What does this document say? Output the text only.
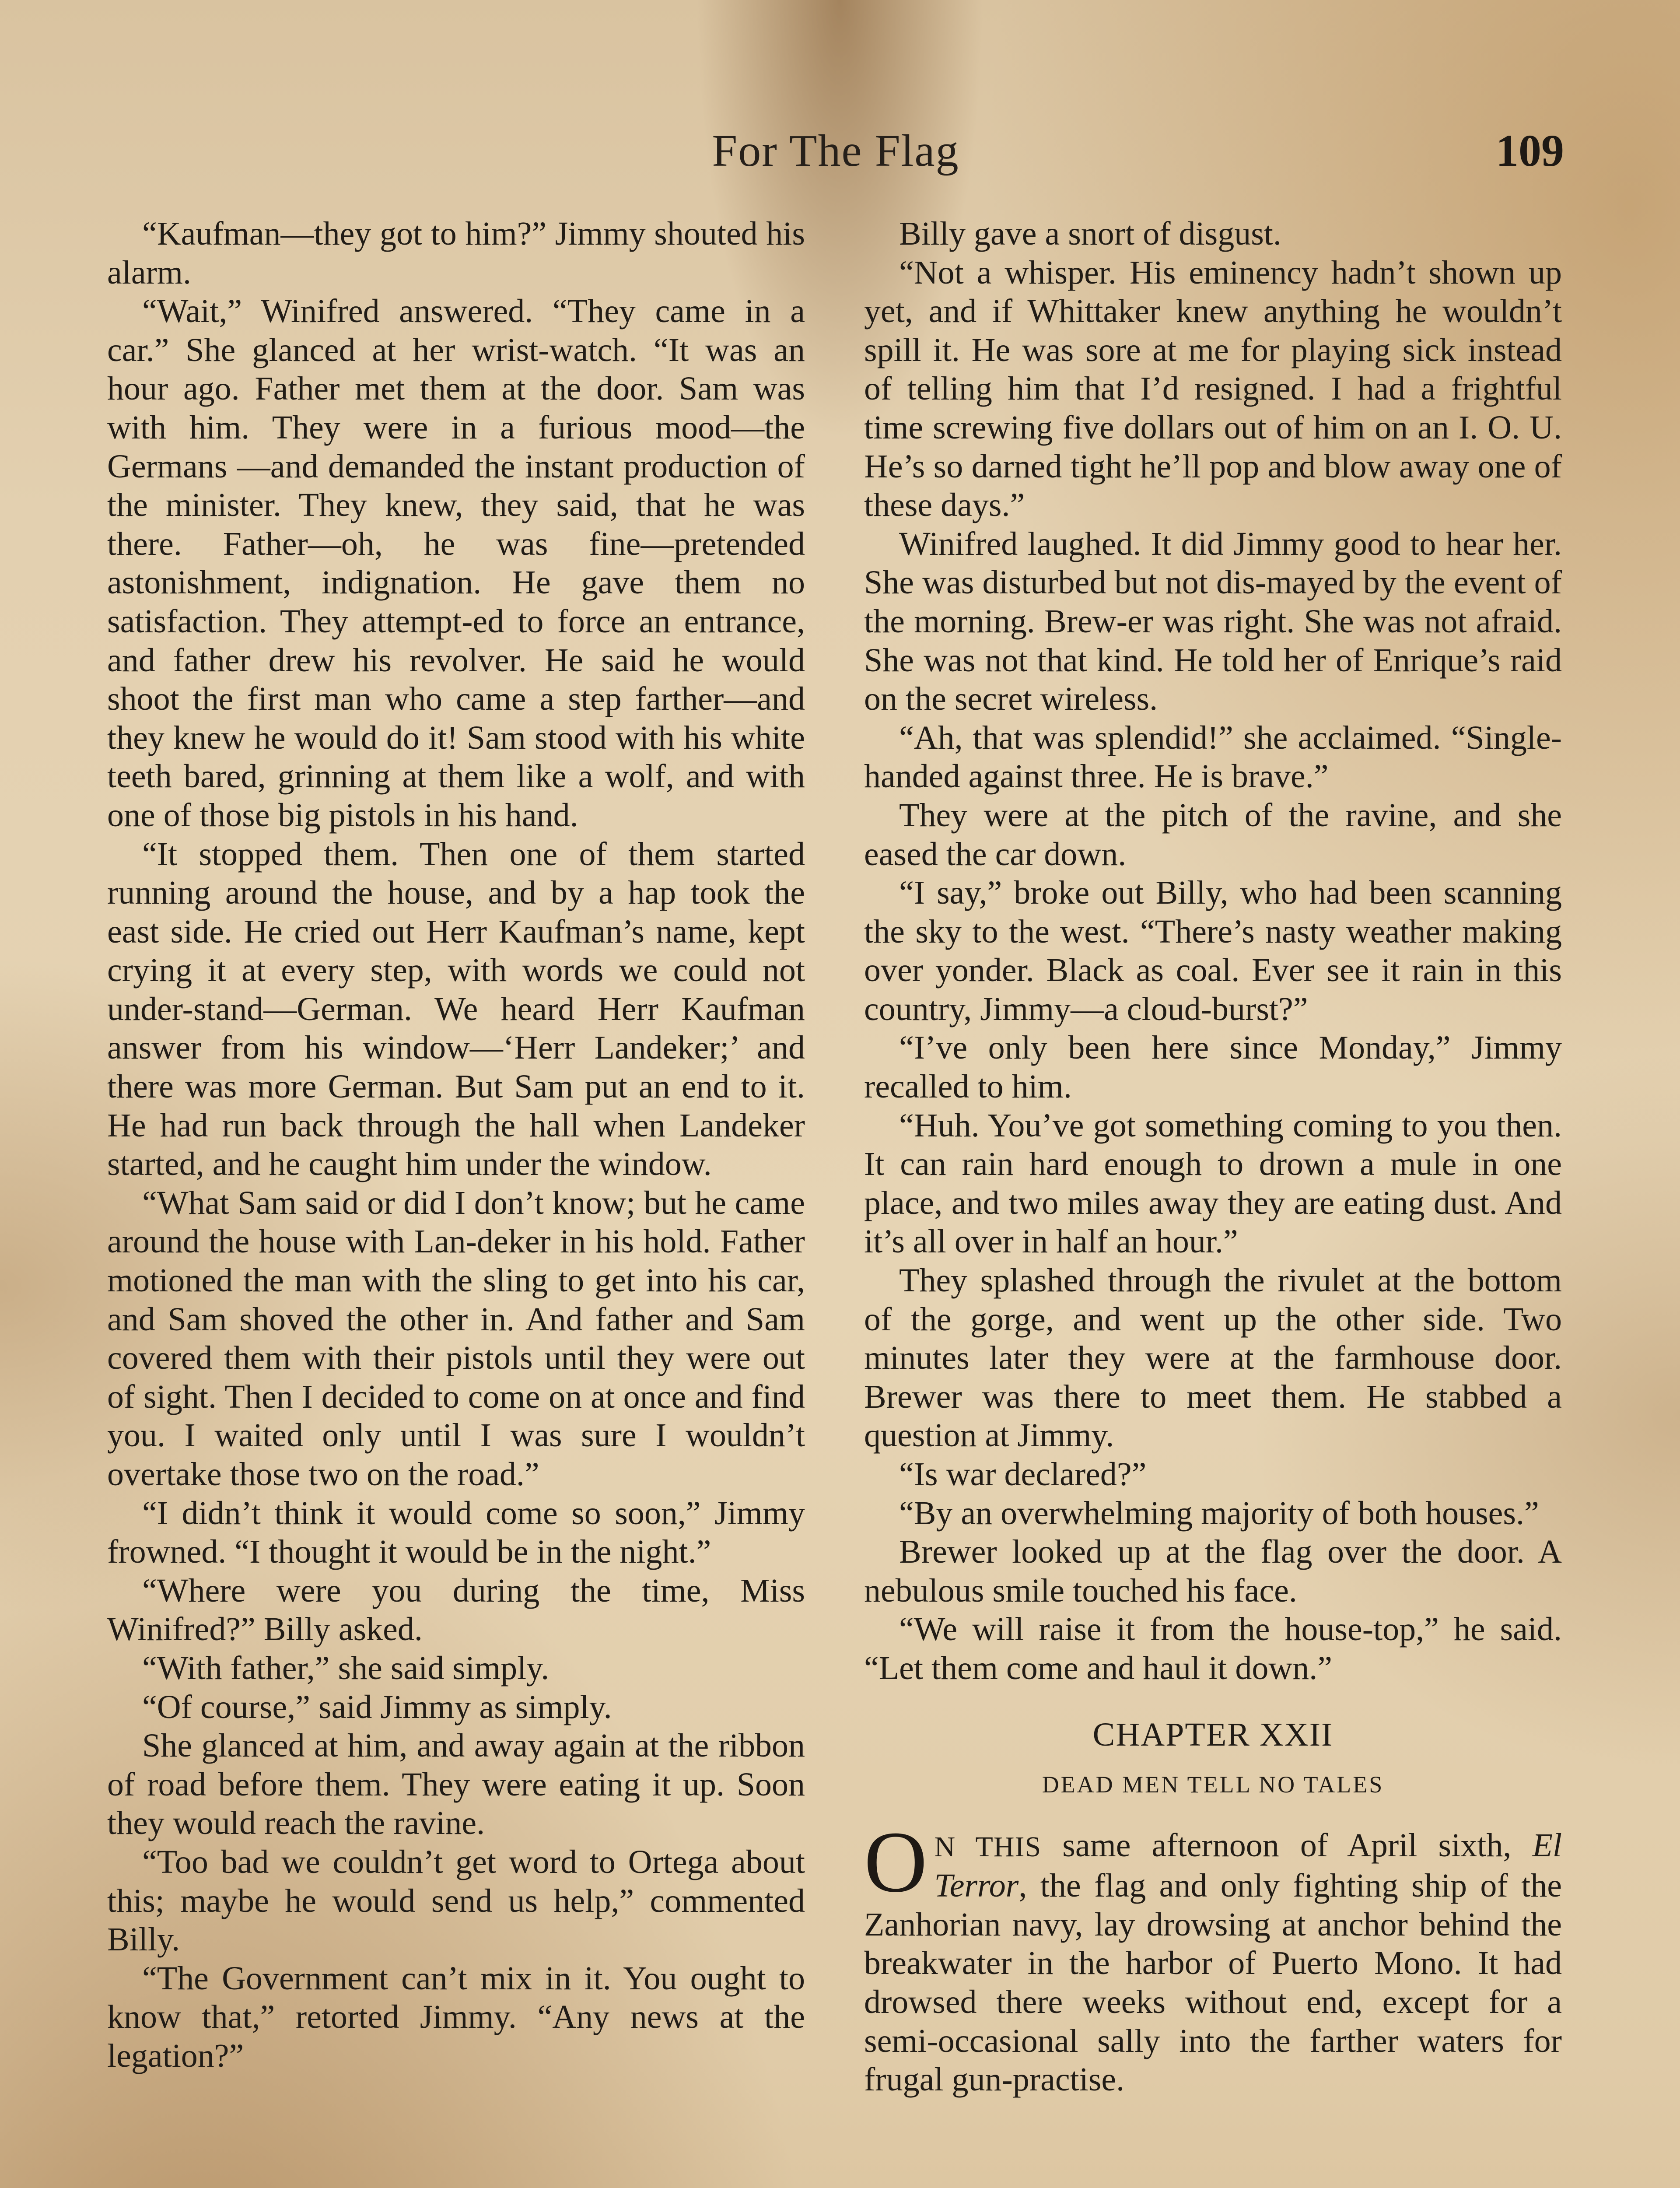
For The Flag	109

“Kaufman—they got to him?” Jimmy shouted his alarm.

“Wait,” Winifred answered. “They came in a car.” She glanced at her wrist-watch. “It was an hour ago. Father met them at the door. Sam was with him. They were in a furious mood—the Germans —and demanded the instant production of the minister. They knew, they said, that he was there. Father—oh, he was fine—pretended astonishment, indignation. He gave them no satisfaction. They attempt-ed to force an entrance, and father drew his revolver. He said he would shoot the first man who came a step farther—and they knew he would do it! Sam stood with his white teeth bared, grinning at them like a wolf, and with one of those big pistols in his hand.

“It stopped them. Then one of them started running around the house, and by a hap took the east side. He cried out Herr Kaufman’s name, kept crying it at every step, with words we could not under-stand—German. We heard Herr Kaufman answer from his window—‘Herr Landeker;’ and there was more German. But Sam put an end to it. He had run back through the hall when Landeker started, and he caught him under the window.

“What Sam said or did I don’t know; but he came around the house with Lan-deker in his hold. Father motioned the man with the sling to get into his car, and Sam shoved the other in. And father and Sam covered them with their pistols until they were out of sight. Then I decided to come on at once and find you. I waited only until I was sure I wouldn’t overtake those two on the road.”

“I didn’t think it would come so soon,” Jimmy frowned. “I thought it would be in the night.”

“Where were you during the time, Miss Winifred?” Billy asked.

“With father,” she said simply.

“Of course,” said Jimmy as simply.

She glanced at him, and away again at the ribbon of road before them. They were eating it up. Soon they would reach the ravine.

“Too bad we couldn’t get word to Ortega about this; maybe he would send us help,” commented Billy.

“The Government can’t mix in it. You ought to know that,” retorted Jimmy. “Any news at the legation?”

Billy gave a snort of disgust.

“Not a whisper. His eminency hadn’t shown up yet, and if Whittaker knew anything he wouldn’t spill it. He was sore at me for playing sick instead of telling him that I’d resigned. I had a frightful time screwing five dollars out of him on an I. O. U. He’s so darned tight he’ll pop and blow away one of these days.”

Winifred laughed. It did Jimmy good to hear her. She was disturbed but not dis-mayed by the event of the morning. Brew-er was right. She was not afraid. She was not that kind. He told her of Enrique’s raid on the secret wireless.

“Ah, that was splendid!” she acclaimed. “Single-handed against three. He is brave.”

They were at the pitch of the ravine, and she eased the car down.

“I say,” broke out Billy, who had been scanning the sky to the west. “There’s nasty weather making over yonder. Black as coal. Ever see it rain in this country, Jimmy—a cloud-burst?”

“I’ve only been here since Monday,” Jimmy recalled to him.

“Huh. You’ve got something coming to you then. It can rain hard enough to drown a mule in one place, and two miles away they are eating dust. And it’s all over in half an hour.”

They splashed through the rivulet at the bottom of the gorge, and went up the other side. Two minutes later they were at the farmhouse door. Brewer was there to meet them. He stabbed a question at Jimmy.

“Is war declared?”

“By an overwhelming majority of both houses.”

Brewer looked up at the flag over the door. A nebulous smile touched his face.

“We will raise it from the house-top,” he said. “Let them come and haul it down.”

CHAPTER XXII
DEAD MEN TELL NO TALES

O N THIS same afternoon of April sixth, El Terror, the flag and only fighting ship of the Zanhorian navy, lay drowsing at anchor behind the breakwater in the harbor of Puerto Mono. It had drowsed there weeks without end, except for a semi-occasional sally into the farther waters for frugal gun-practise.
